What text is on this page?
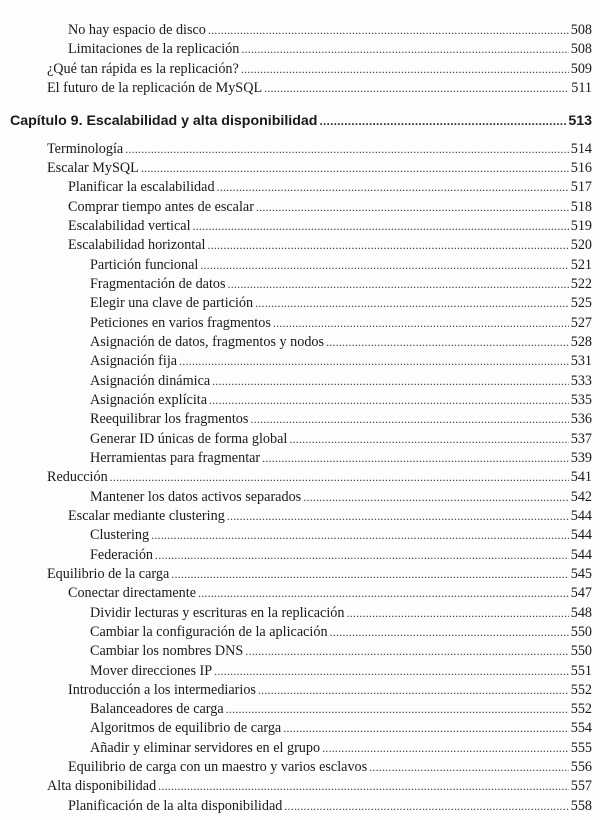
No hay espacio de disco .....	508
Limitaciones de la replicación .....	508
¿Qué tan rápida es la replicación? .....	509
El futuro de la replicación de MySQL .....	511
Capítulo 9. Escalabilidad y alta disponibilidad .....	513
Terminología .....	514
Escalar MySQL .....	516
Planificar la escalabilidad .....	517
Comprar tiempo antes de escalar .....	518
Escalabilidad vertical .....	519
Escalabilidad horizontal .....	520
Partición funcional .....	521
Fragmentación de datos .....	522
Elegir una clave de partición .....	525
Peticiones en varios fragmentos .....	527
Asignación de datos, fragmentos y nodos .....	528
Asignación fija .....	531
Asignación dinámica .....	533
Asignación explícita .....	535
Reequilibrar los fragmentos .....	536
Generar ID únicas de forma global .....	537
Herramientas para fragmentar .....	539
Reducción .....	541
Mantener los datos activos separados .....	542
Escalar mediante clustering .....	544
Clustering .....	544
Federación .....	544
Equilibrio de la carga .....	545
Conectar directamente .....	547
Dividir lecturas y escrituras en la replicación .....	548
Cambiar la configuración de la aplicación .....	550
Cambiar los nombres DNS .....	550
Mover direcciones IP .....	551
Introducción a los intermediarios .....	552
Balanceadores de carga .....	552
Algoritmos de equilibrio de carga .....	554
Añadir y eliminar servidores en el grupo .....	555
Equilibrio de carga con un maestro y varios esclavos .....	556
Alta disponibilidad .....	557
Planificación de la alta disponibilidad .....	558
